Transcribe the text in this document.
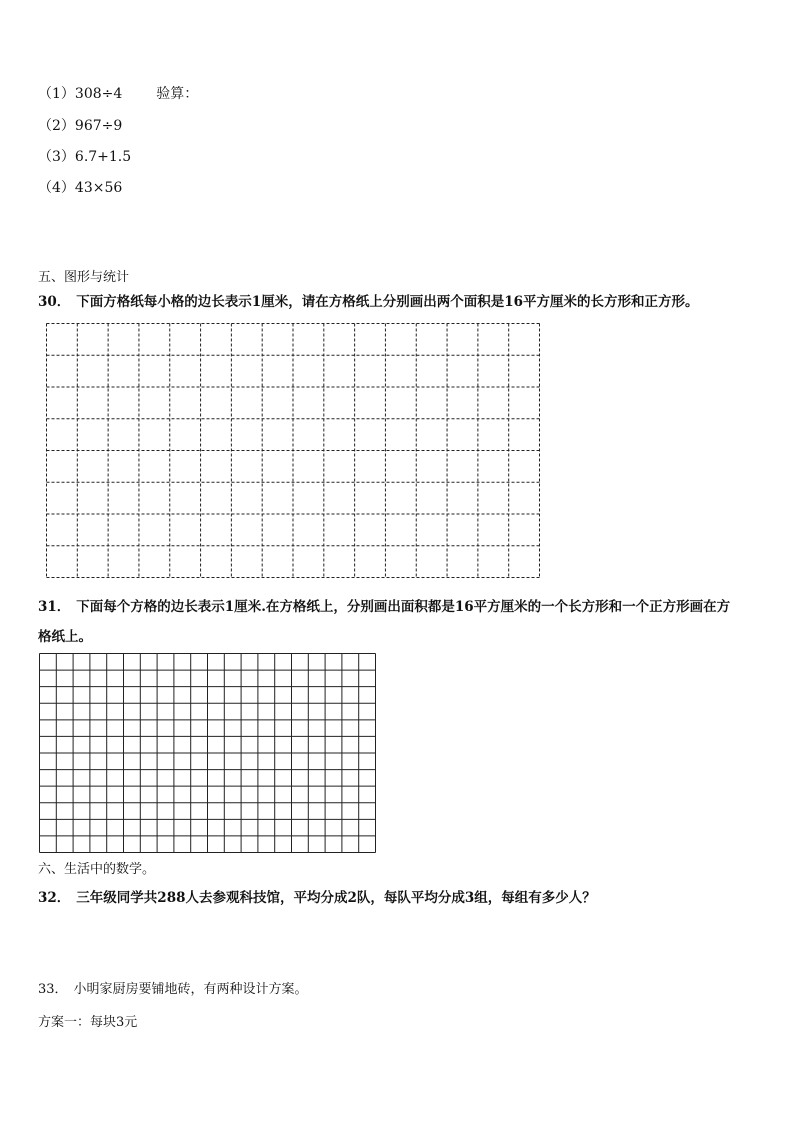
（1）308÷4 验算：
（2）967÷9
（3）6.7+1.5
（4）43×56
五、图形与统计
30． 下面方格纸每小格的边长表示1厘米，请在方格纸上分别画出两个面积是16平方厘米的长方形和正方形。
31． 下面每个方格的边长表示1厘米.在方格纸上，分别画出面积都是16平方厘米的一个长方形和一个正方形画在方
格纸上。
六、生活中的数学。
32． 三年级同学共288人去参观科技馆，平均分成2队，每队平均分成3组，每组有多少人？
33． 小明家厨房要铺地砖，有两种设计方案。
方案一：每块3元
